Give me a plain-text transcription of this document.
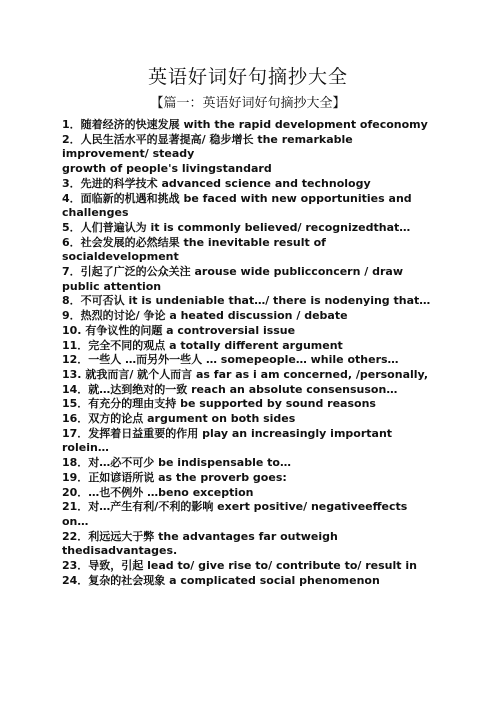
英语好词好句摘抄大全
【篇一：英语好词好句摘抄大全】
1．随着经济的快速发展 with the rapid development ofeconomy
2．人民生活水平的显著提高/ 稳步增长 the remarkable
improvement/ steady
growth of people's livingstandard
3．先进的科学技术 advanced science and technology
4．面临新的机遇和挑战 be faced with new opportunities and
challenges
5．人们普遍认为 it is commonly believed/ recognizedthat…
6．社会发展的必然结果 the inevitable result of
socialdevelopment
7．引起了广泛的公众关注 arouse wide publicconcern / draw
public attention
8．不可否认 it is undeniable that…/ there is nodenying that…
9．热烈的讨论/ 争论 a heated discussion / debate
10. 有争议性的问题 a controversial issue
11．完全不同的观点 a totally different argument
12．一些人 …而另外一些人 … somepeople… while others…
13. 就我而言/ 就个人而言 as far as i am concerned, /personally,
14．就…达到绝对的一致 reach an absolute consensuson…
15．有充分的理由支持 be supported by sound reasons
16．双方的论点 argument on both sides
17．发挥着日益重要的作用 play an increasingly important
rolein…
18．对…必不可少 be indispensable to…
19．正如谚语所说 as the proverb goes:
20．…也不例外 …beno exception
21．对…产生有利/不利的影响 exert positive/ negativeeffects
on…
22．利远远大于弊 the advantages far outweigh
thedisadvantages.
23．导致，引起 lead to/ give rise to/ contribute to/ result in
24．复杂的社会现象 a complicated social phenomenon
